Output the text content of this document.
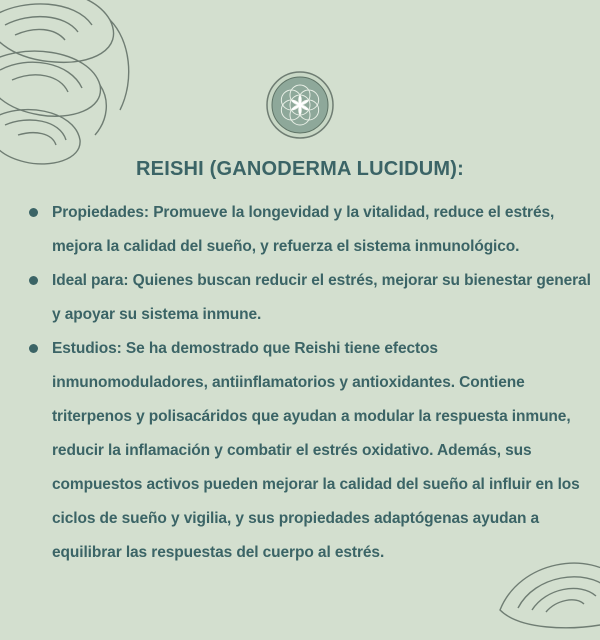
REISHI (GANODERMA LUCIDUM):
Propiedades: Promueve la longevidad y la vitalidad, reduce el estrés, mejora la calidad del sueño, y refuerza el sistema inmunológico.
Ideal para: Quienes buscan reducir el estrés, mejorar su bienestar general y apoyar su sistema inmune.
Estudios: Se ha demostrado que Reishi tiene efectos inmunomoduladores, antiinflamatorios y antioxidantes. Contiene triterpenos y polisacáridos que ayudan a modular la respuesta inmune, reducir la inflamación y combatir el estrés oxidativo. Además, sus compuestos activos pueden mejorar la calidad del sueño al influir en los ciclos de sueño y vigilia, y sus propiedades adaptógenas ayudan a equilibrar las respuestas del cuerpo al estrés.
